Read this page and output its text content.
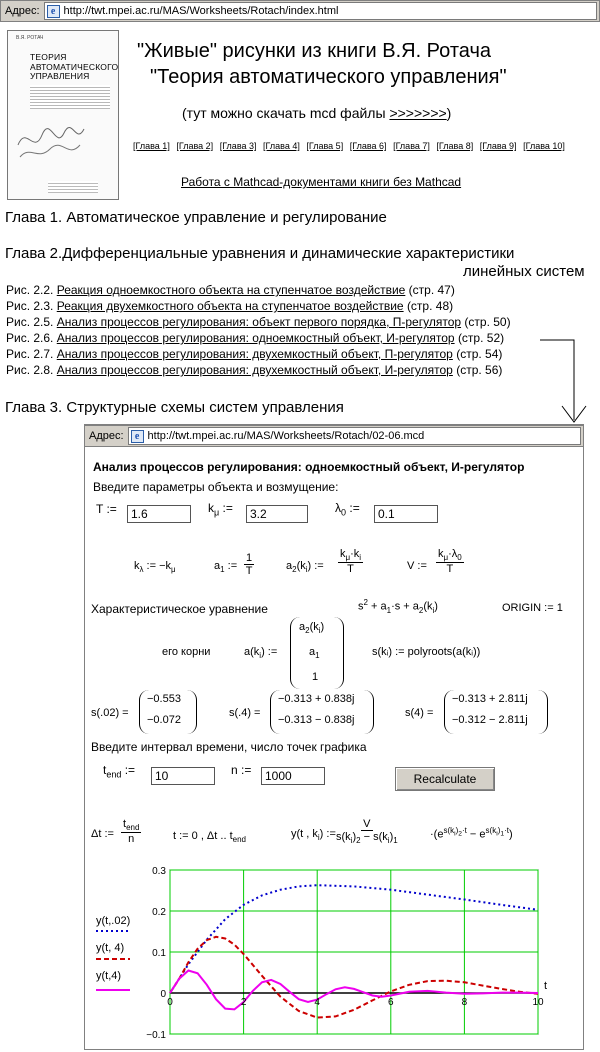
Адрес:	e http://twt.mpei.ac.ru/MAS/Worksheets/Rotach/index.html
В.Я. РОТАЧ
ТЕОРИЯ АВТОМАТИЧЕСКОГО УПРАВЛЕНИЯ
"Живые" рисунки из книги В.Я. Ротача
"Теория автоматического управления"
(тут можно скачать mcd файлы >>>>>>>)
[Глава 1] [Глава 2] [Глава 3] [Глава 4] [Глава 5] [Глава 6] [Глава 7] [Глава 8] [Глава 9] [Глава 10]
Работа с Mathcad-документами книги без Mathcad
Глава 1. Автоматическое управление и регулирование
Глава 2.Дифференциальные уравнения и динамические характеристики
линейных систем
Рис. 2.2. Реакция одноемкостного объекта на ступенчатое воздействие (стр. 47)
Рис. 2.3. Реакция двухемкостного объекта на ступенчатое воздействие (стр. 48)
Рис. 2.5. Анализ процессов регулирования: объект первого порядка, П-регулятор (стр. 50)
Рис. 2.6. Анализ процессов регулирования: одноемкостный объект, И-регулятор (стр. 52)
Рис. 2.7. Анализ процессов регулирования: двухемкостный объект, П-регулятор (стр. 54)
Рис. 2.8. Анализ процессов регулирования: двухемкостный объект, И-регулятор (стр. 56)
Глава 3. Структурные схемы систем управления
Адрес:	e http://twt.mpei.ac.ru/MAS/Worksheets/Rotach/02-06.mcd
Анализ процессов регулирования: одноемкостный объект, И-регулятор
Введите параметры объекта и возмущение:
T :=	1.6	$k_\mu$ :=	3.2	$\lambda_0$ :=	0.1
$k_\lambda$ := $-k_\mu$	$a_1$ := $\frac{1}{T}$	$a_2(k_i)$ := $\frac{k_\mu\cdot k_i}{T}$	V := $\frac{k_\mu\cdot\lambda_0}{T}$
Характеристическое уравнение	$s^2 + a_1\cdot s + a_2(k_i)$	ORIGIN := 1
его корни	$a(k_i)$ :=
$a_2(k_i)$
$a_1$
1
s(kᵢ) := polyroots(a(kᵢ))
s(.02) =
−0.553
−0.072
s(.4) =
−0.313 + 0.838j
−0.313 − 0.838j
s(4) =
−0.313 + 2.811j
−0.312 − 2.811j
Введите интервал времени, число точек графика
$t_{end}$ :=	10	n :=	1000	Recalculate
Δt :=
$t_{end}$
n	t := 0 , Δt .. $t_{end}$	y(t , $k_i$) := $\frac{V}{s(k_i)_2 - s(k_i)_1}$	$\cdot(e^{s(k_i)_2\cdot t} - e^{s(k_i)_1\cdot t})$
0	2	4	6	8	10
−0.1
0
0.1
0.2
0.3
t
y(t,.02)
y(t, 4)
y(t,4)
